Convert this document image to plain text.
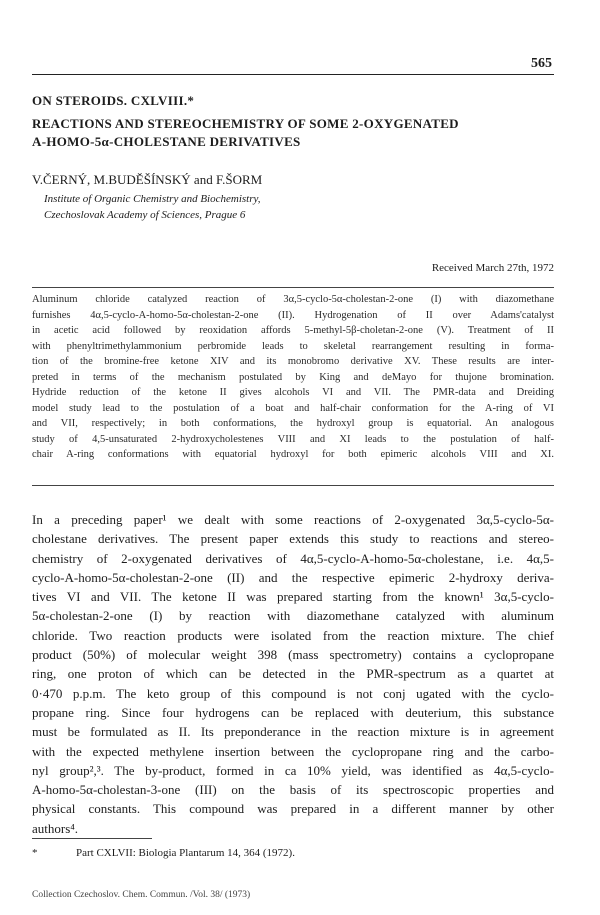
565
ON STEROIDS. CXLVIII.*
REACTIONS AND STEREOCHEMISTRY OF SOME 2-OXYGENATED
A-HOMO-5α-CHOLESTANE DERIVATIVES
V.ČERNÝ, M.BUDĚŠÍNSKÝ and F.ŠORM
Institute of Organic Chemistry and Biochemistry,
Czechoslovak Academy of Sciences, Prague 6
Received March 27th, 1972
Aluminum chloride catalyzed reaction of 3α,5-cyclo-5α-cholestan-2-one (I) with diazomethane
furnishes 4α,5-cyclo-A-homo-5α-cholestan-2-one (II). Hydrogenation of II over Adams'catalyst
in acetic acid followed by reoxidation affords 5-methyl-5β-choletan-2-one (V). Treatment of II
with phenyltrimethylammonium perbromide leads to skeletal rearrangement resulting in forma-
tion of the bromine-free ketone XIV and its monobromo derivative XV. These results are inter-
preted in terms of the mechanism postulated by King and deMayo for thujone bromination.
Hydride reduction of the ketone II gives alcohols VI and VII. The PMR-data and Dreiding
model study lead to the postulation of a boat and half-chair conformation for the A-ring of VI
and VII, respectively; in both conformations, the hydroxyl group is equatorial. An analogous
study of 4,5-unsaturated 2-hydroxycholestenes VIII and XI leads to the postulation of half-
chair A-ring conformations with equatorial hydroxyl for both epimeric alcohols VIII and XI.
In a preceding paper¹ we dealt with some reactions of 2-oxygenated 3α,5-cyclo-5α-
cholestane derivatives. The present paper extends this study to reactions and stereo-
chemistry of 2-oxygenated derivatives of 4α,5-cyclo-A-homo-5α-cholestane, i.e. 4α,5-
cyclo-A-homo-5α-cholestan-2-one (II) and the respective epimeric 2-hydroxy deriva-
tives VI and VII. The ketone II was prepared starting from the known¹ 3α,5-cyclo-
5α-cholestan-2-one (I) by reaction with diazomethane catalyzed with aluminum
chloride. Two reaction products were isolated from the reaction mixture. The chief
product (50%) of molecular weight 398 (mass spectrometry) contains a cyclopropane
ring, one proton of which can be detected in the PMR-spectrum as a quartet at
0·470 p.p.m. The keto group of this compound is not conj ugated with the cyclo-
propane ring. Since four hydrogens can be replaced with deuterium, this substance
must be formulated as II. Its preponderance in the reaction mixture is in agreement
with the expected methylene insertion between the cyclopropane ring and the carbo-
nyl group²,³. The by-product, formed in ca 10% yield, was identified as 4α,5-cyclo-
A-homo-5α-cholestan-3-one (III) on the basis of its spectroscopic properties and
physical constants. This compound was prepared in a different manner by other
authors⁴.
*	Part CXLVII: Biologia Plantarum 14, 364 (1972).
Collection Czechoslov. Chem. Commun. /Vol. 38/ (1973)
